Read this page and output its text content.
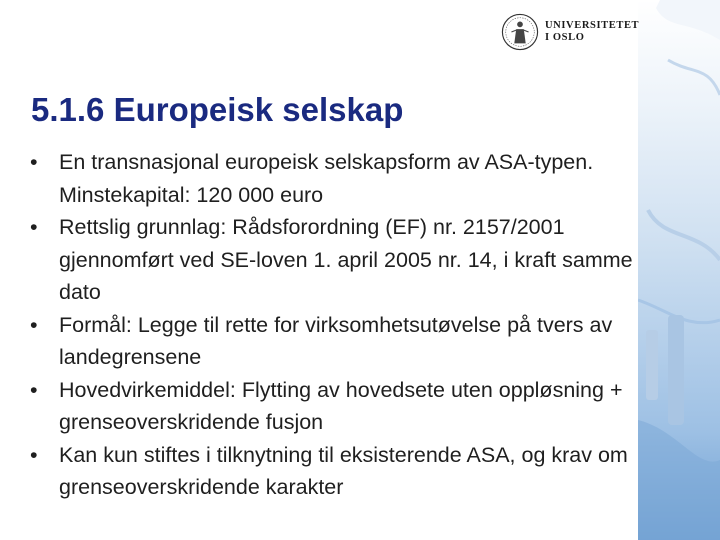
UNIVERSITETET
I OSLO
5.1.6 Europeisk selskap
• En transnasjonal europeisk selskapsform av ASA-typen. Minstekapital: 120 000 euro
• Rettslig grunnlag: Rådsforordning (EF) nr. 2157/2001 gjennomført ved SE-loven 1. april 2005 nr. 14, i kraft samme dato
• Formål: Legge til rette for virksomhetsutøvelse på tvers av landegrensene
• Hovedvirkemiddel: Flytting av hovedsete uten oppløsning + grenseoverskridende fusjon
• Kan kun stiftes i tilknytning til eksisterende ASA, og krav om grenseoverskridende karakter
